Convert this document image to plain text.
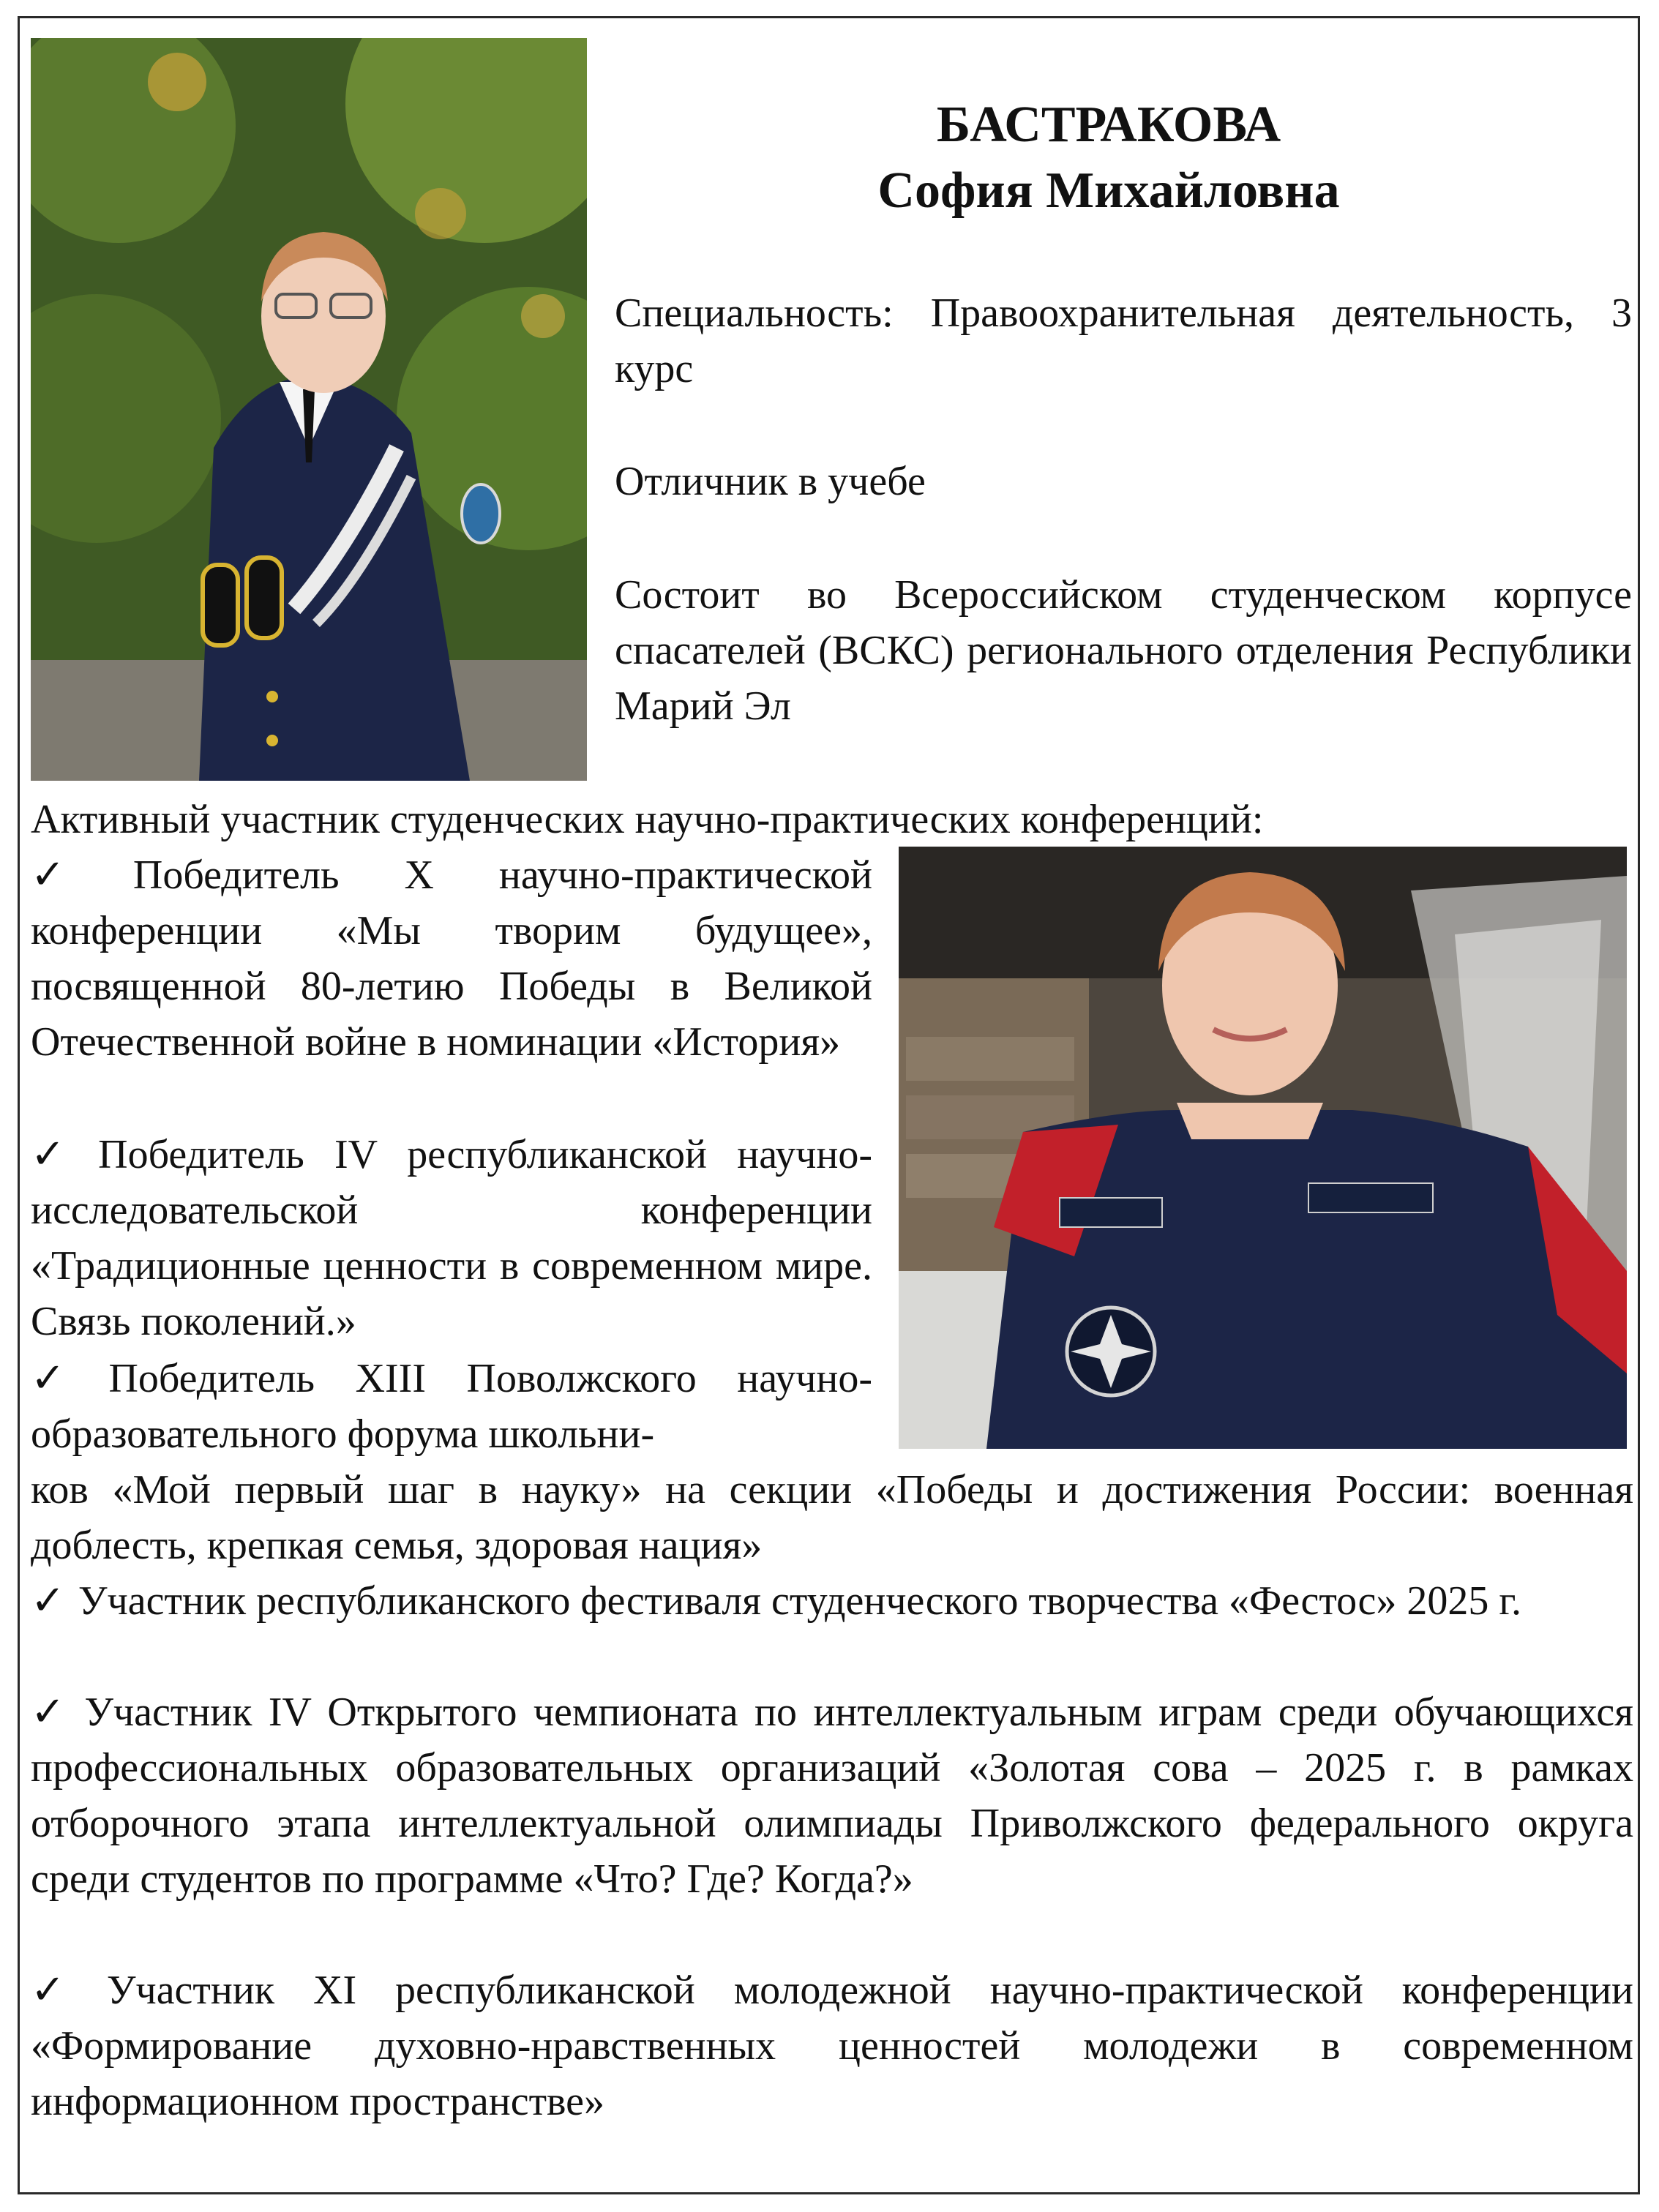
БАСТРАКОВА
София Михайловна

Специальность: Правоохранительная деятельность, 3 курс

Отличник в учебе

Состоит во Всероссийском студенческом корпусе спасателей (ВСКС) регионального отделения Республики Марий Эл

Активный участник студенческих научно-практических конференций:

✓ Победитель X научно-практической конференции «Мы творим будущее», посвященной 80-летию Победы в Великой Отечественной войне в номинации «История»

✓ Победитель IV республиканской научно-исследовательской конференции «Традиционные ценности в современном мире. Связь поколений.»

✓ Победитель XIII Поволжского научно-образовательного форума школьни-

ков «Мой первый шаг в науку» на секции «Победы и достижения России: военная доблесть, крепкая семья, здоровая нация»

✓ Участник республиканского фестиваля студенческого творчества «Фестос» 2025 г.

✓ Участник IV Открытого чемпионата по интеллектуальным играм среди обучающихся профессиональных образовательных организаций «Золотая сова – 2025 г. в рамках отборочного этапа интеллектуальной олимпиады Приволжского федерального округа среди студентов по программе «Что? Где? Когда?»

✓ Участник XI республиканской молодежной научно-практической конференции «Формирование духовно-нравственных ценностей молодежи в современном информационном пространстве»
